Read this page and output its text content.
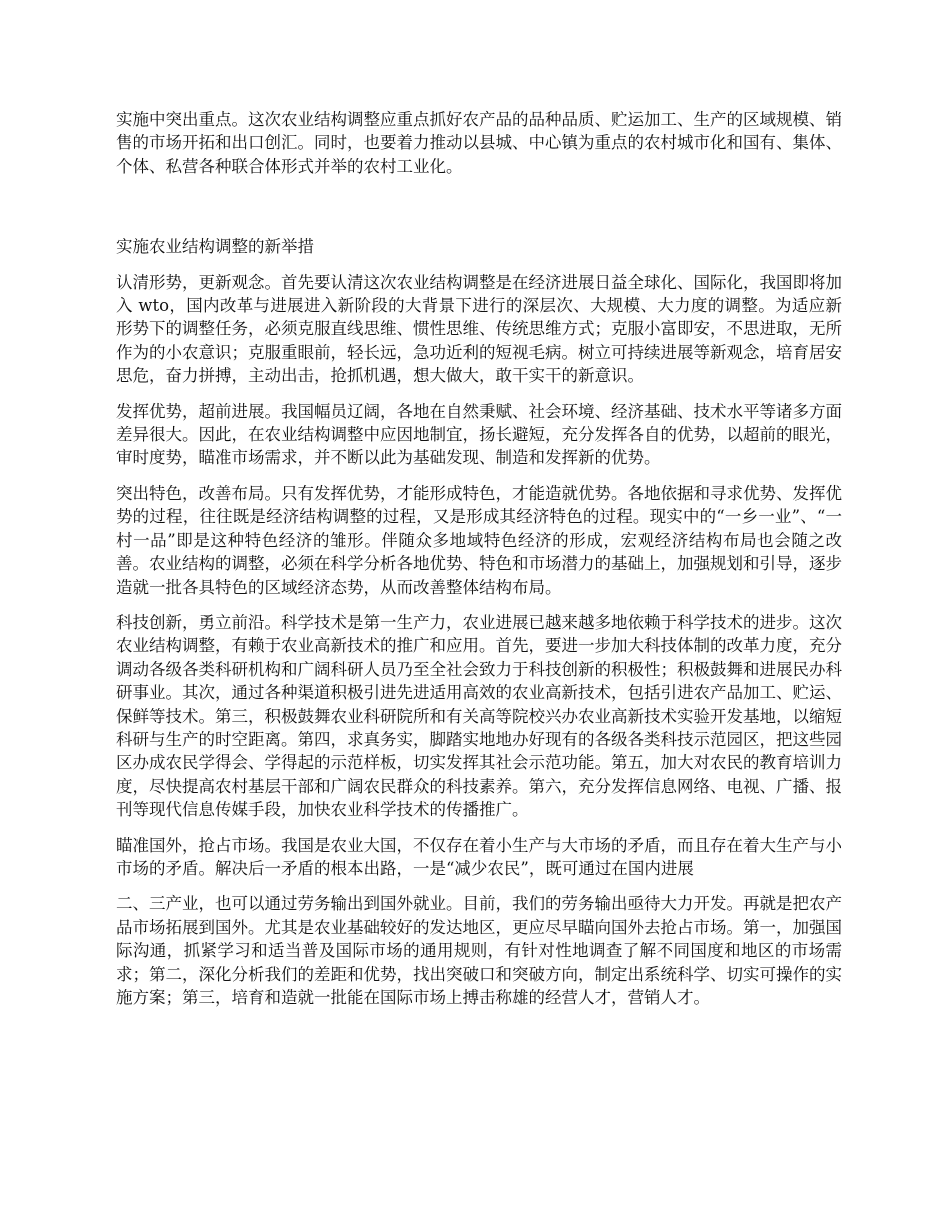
实施中突出重点。这次农业结构调整应重点抓好农产品的品种品质、贮运加工、生产的区域规模、销售的市场开拓和出口创汇。同时，也要着力推动以县城、中心镇为重点的农村城市化和国有、集体、个体、私营各种联合体形式并举的农村工业化。

实施农业结构调整的新举措

认清形势，更新观念。首先要认清这次农业结构调整是在经济进展日益全球化、国际化，我国即将加入 wto，国内改革与进展进入新阶段的大背景下进行的深层次、大规模、大力度的调整。为适应新形势下的调整任务，必须克服直线思维、惯性思维、传统思维方式；克服小富即安，不思进取，无所作为的小农意识；克服重眼前，轻长远，急功近利的短视毛病。树立可持续进展等新观念，培育居安思危，奋力拼搏，主动出击，抢抓机遇，想大做大，敢干实干的新意识。

发挥优势，超前进展。我国幅员辽阔，各地在自然秉赋、社会环境、经济基础、技术水平等诸多方面差异很大。因此，在农业结构调整中应因地制宜，扬长避短，充分发挥各自的优势，以超前的眼光，审时度势，瞄准市场需求，并不断以此为基础发现、制造和发挥新的优势。

突出特色，改善布局。只有发挥优势，才能形成特色，才能造就优势。各地依据和寻求优势、发挥优势的过程，往往既是经济结构调整的过程，又是形成其经济特色的过程。现实中的“一乡一业”、“一村一品”即是这种特色经济的雏形。伴随众多地域特色经济的形成，宏观经济结构布局也会随之改善。农业结构的调整，必须在科学分析各地优势、特色和市场潜力的基础上，加强规划和引导，逐步造就一批各具特色的区域经济态势，从而改善整体结构布局。

科技创新，勇立前沿。科学技术是第一生产力，农业进展已越来越多地依赖于科学技术的进步。这次农业结构调整，有赖于农业高新技术的推广和应用。首先，要进一步加大科技体制的改革力度，充分调动各级各类科研机构和广阔科研人员乃至全社会致力于科技创新的积极性；积极鼓舞和进展民办科研事业。其次，通过各种渠道积极引进先进适用高效的农业高新技术，包括引进农产品加工、贮运、保鲜等技术。第三，积极鼓舞农业科研院所和有关高等院校兴办农业高新技术实验开发基地，以缩短科研与生产的时空距离。第四，求真务实，脚踏实地地办好现有的各级各类科技示范园区，把这些园区办成农民学得会、学得起的示范样板，切实发挥其社会示范功能。第五，加大对农民的教育培训力度，尽快提高农村基层干部和广阔农民群众的科技素养。第六，充分发挥信息网络、电视、广播、报刊等现代信息传媒手段，加快农业科学技术的传播推广。

瞄准国外，抢占市场。我国是农业大国，不仅存在着小生产与大市场的矛盾，而且存在着大生产与小市场的矛盾。解决后一矛盾的根本出路，一是“减少农民”，既可通过在国内进展

二、三产业，也可以通过劳务输出到国外就业。目前，我们的劳务输出亟待大力开发。再就是把农产品市场拓展到国外。尤其是农业基础较好的发达地区，更应尽早瞄向国外去抢占市场。第一，加强国际沟通，抓紧学习和适当普及国际市场的通用规则，有针对性地调查了解不同国度和地区的市场需求；第二，深化分析我们的差距和优势，找出突破口和突破方向，制定出系统科学、切实可操作的实施方案；第三，培育和造就一批能在国际市场上搏击称雄的经营人才，营销人才。
